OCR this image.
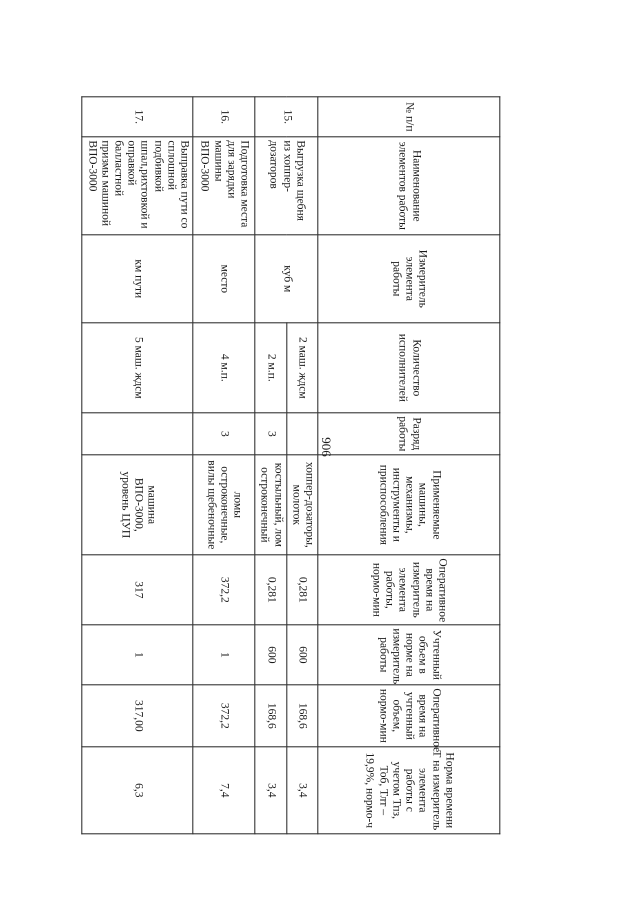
906
№ п/п	Наименование элементов работы	Измеритель элемента работы	Количество исполнителей	Разряд работы	Применяемые машины, механизмы, инструменты и приспособления	Оперативное время на измеритель элемента работы, нормо-мин	Учтенный объем в норме на измеритель работы	Оперативное время на учтенный объем, нормо-мин	Норма времени Т на измеритель элемента работы с учетом Тпз, Тоб, Тлт – 19,9%, нормо-ч
15.	Выгрузка щебня из хоппер-дозаторов	куб м	2 маш. ждсм		хоппер-дозаторы, молоток	0,281	600	168,6	3,4
			2 м.п.	3	костыльный, лом остроконечный	0,281	600	168,6	3,4
16.	Подготовка места для зарядки машины ВПО-3000	место	4 м.п.	3	ломы остроконечные, вилы щебеночные	372,2	1	372,2	7,4
17.	Выправка пути со сплошной подбивкой шпал,рихтовкой и оправкой балластной призмы машиной ВПО-3000	км пути	5 маш. ждсм		машина ВПО-3000, уровень ЦУП	317	1	317,00	6,3
